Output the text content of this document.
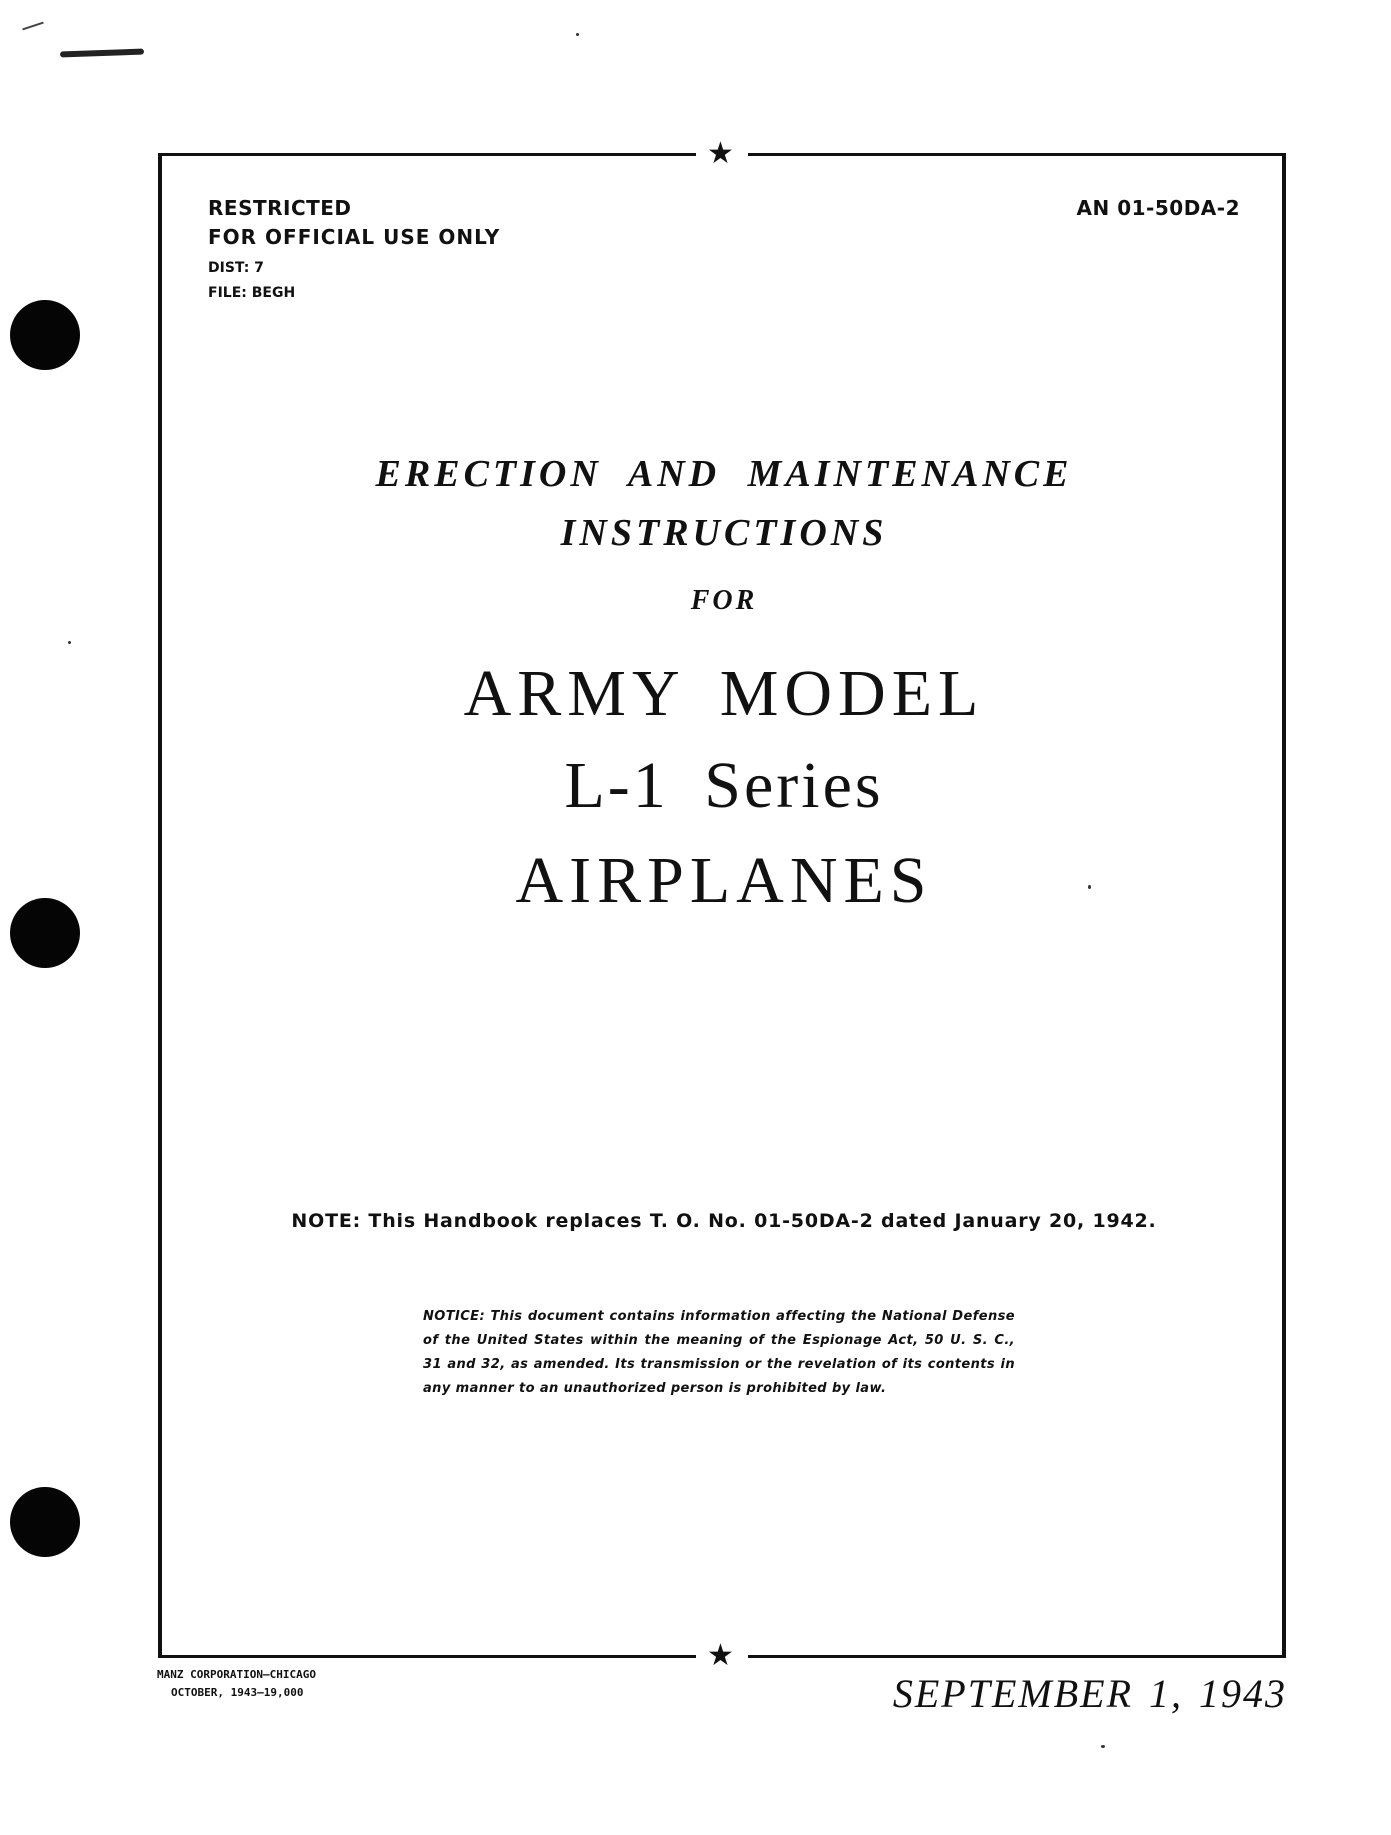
★
★
RESTRICTED
FOR OFFICIAL USE ONLY
DIST: 7
FILE: BEGH
AN 01-50DA-2
ERECTION AND MAINTENANCE
INSTRUCTIONS
FOR
ARMY MODEL
L-1 Series
AIRPLANES
NOTE: This Handbook replaces T. O. No. 01-50DA-2 dated January 20, 1942.
NOTICE: This document contains information affecting the National Defense of the United States within the meaning of the Espionage Act, 50 U. S. C., 31 and 32, as amended. Its transmission or the revelation of its contents in any manner to an unauthorized person is prohibited by law.
MANZ CORPORATION—CHICAGO
OCTOBER, 1943—19,000	SEPTEMBER 1, 1943
